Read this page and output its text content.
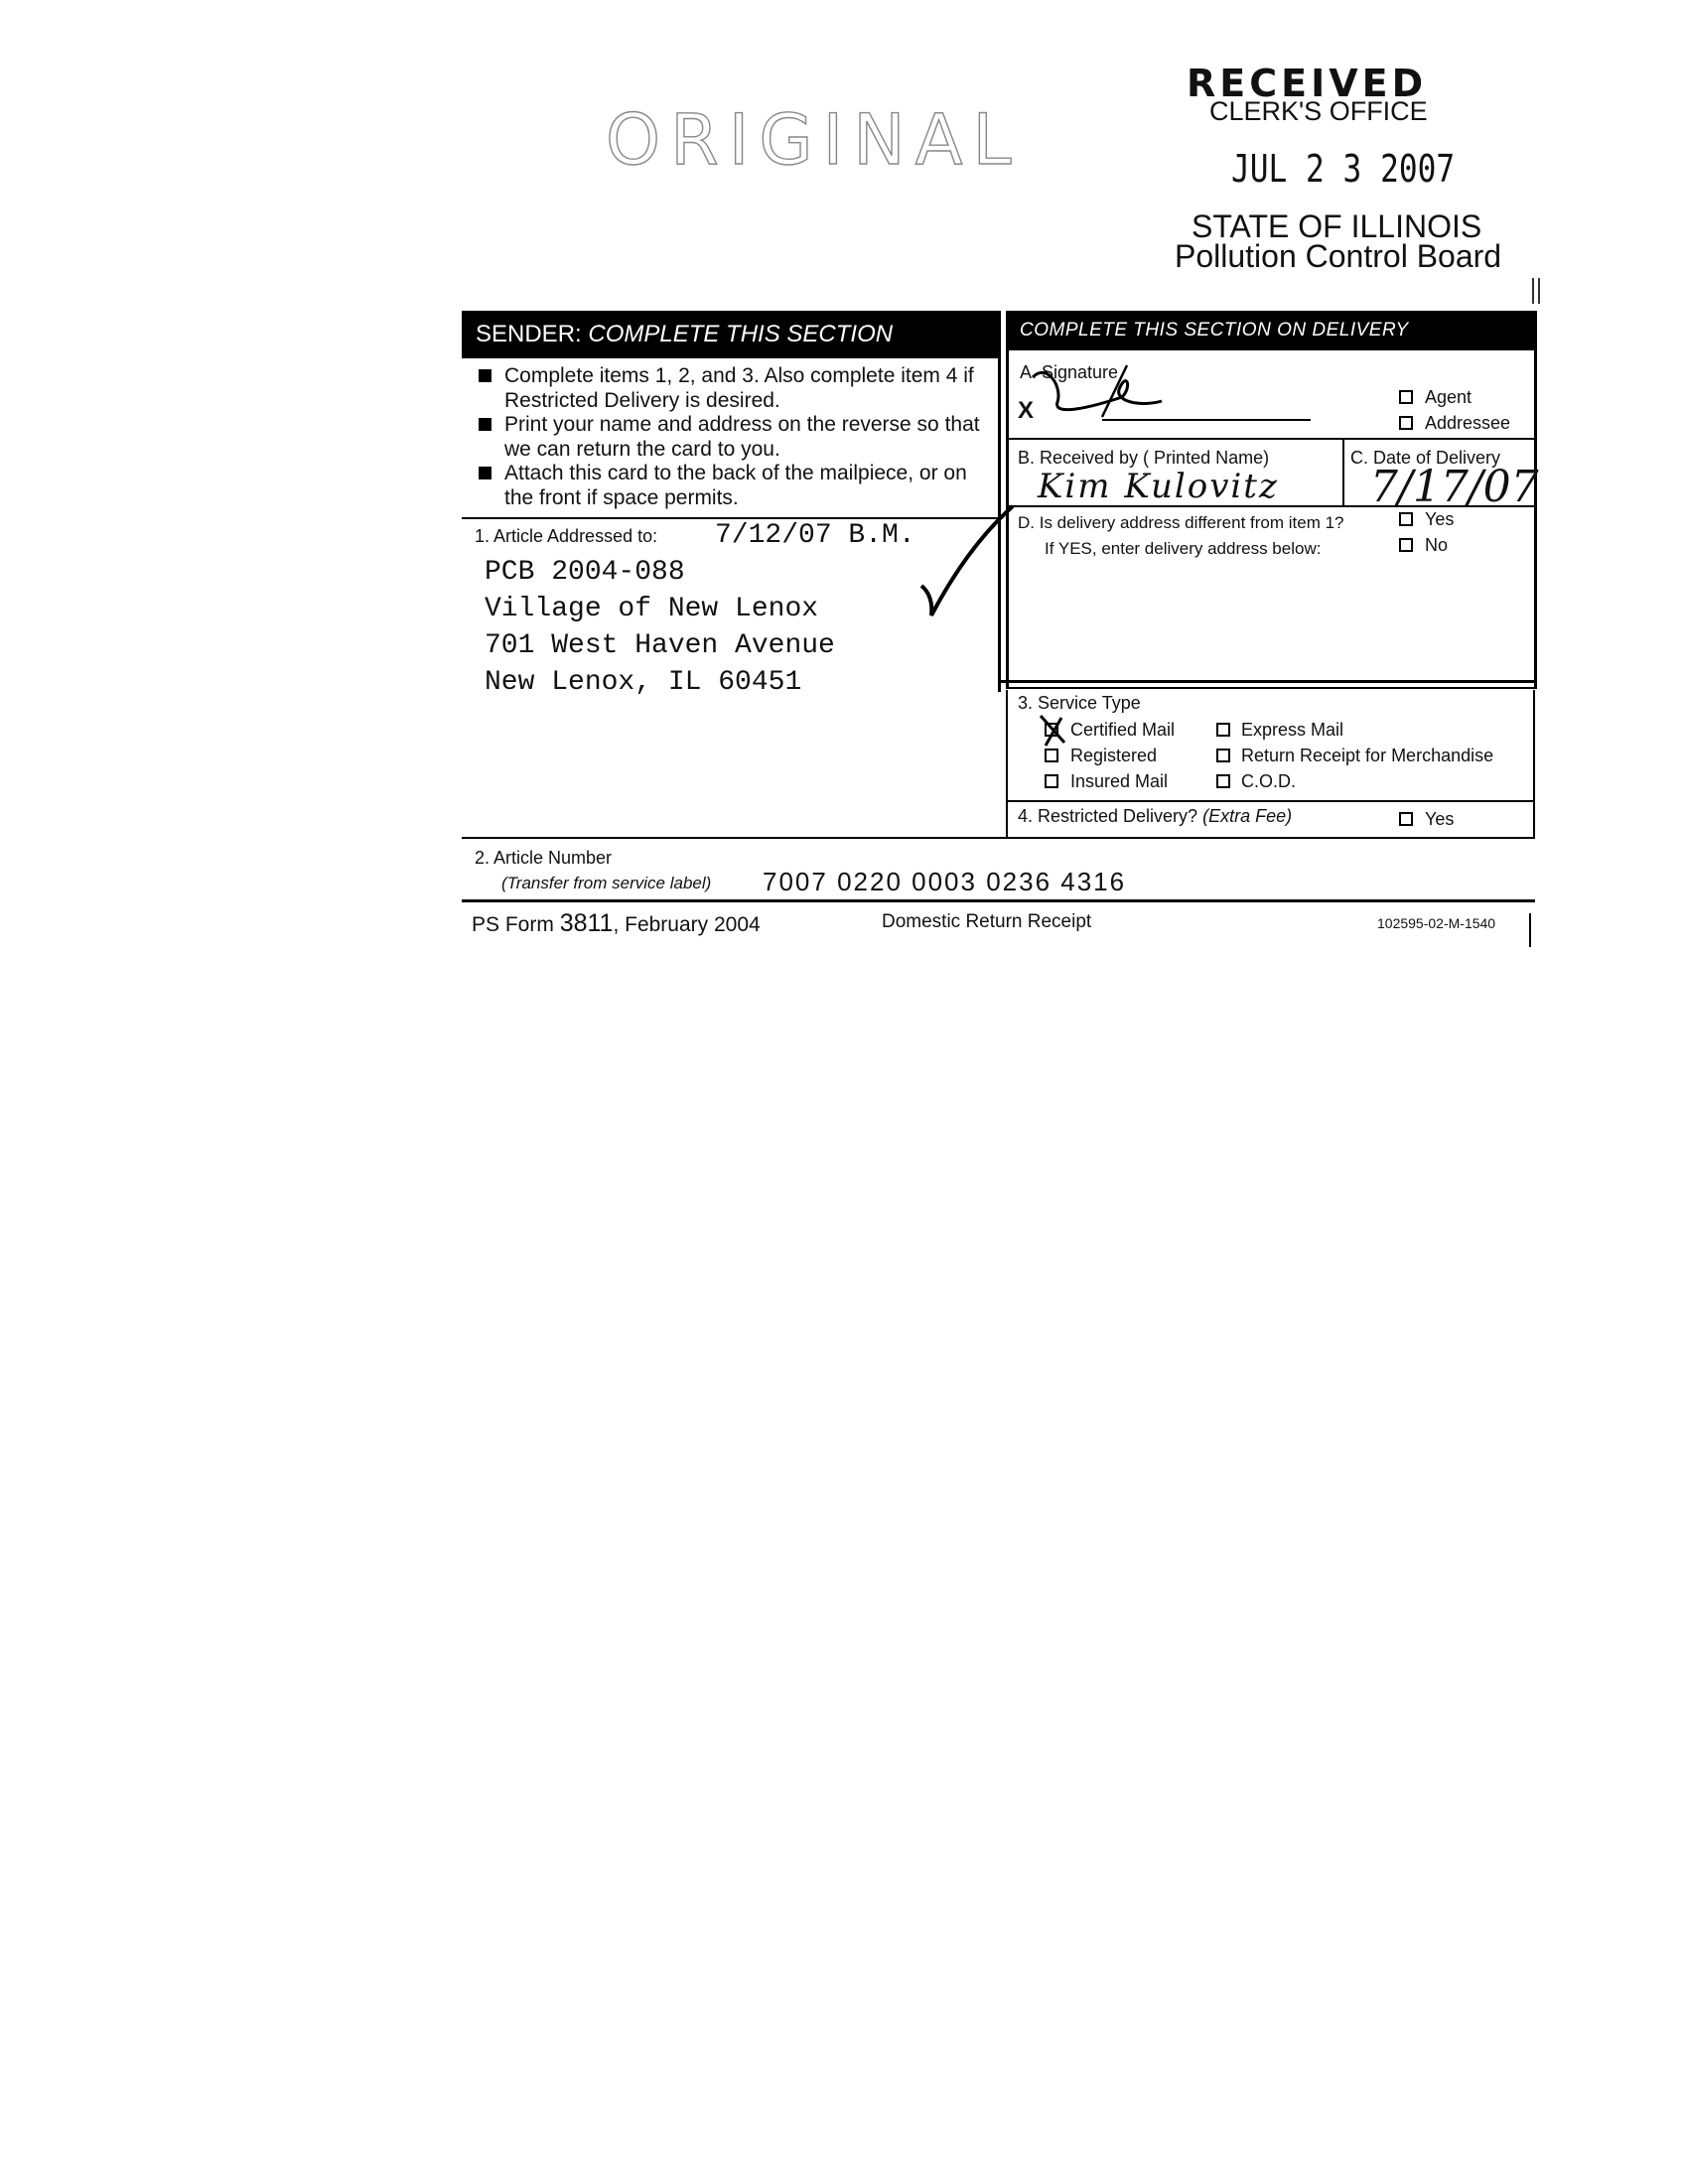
ORIGINAL
RECEIVED
CLERK'S OFFICE
JUL 2 3 2007
STATE OF ILLINOIS
Pollution Control Board
SENDER: COMPLETE THIS SECTION	COMPLETE THIS SECTION ON DELIVERY
Complete items 1, 2, and 3. Also complete item 4 if Restricted Delivery is desired.
Print your name and address on the reverse so that we can return the card to you.
Attach this card to the back of the mailpiece, or on the front if space permits.
1. Article Addressed to: 7/12/07 B.M.
PCB 2004-088
Village of New Lenox
701 West Haven Avenue
New Lenox, IL 60451
A. Signature
X	Agent
Addressee
B. Received by ( Printed Name)
Kim Kulovitz
C. Date of Delivery
7/17/07
D. Is delivery address different from item 1?
If YES, enter delivery address below:
Yes
No
3. Service Type
Certified Mail	Express Mail
Registered	Return Receipt for Merchandise
Insured Mail	C.O.D.
4. Restricted Delivery? (Extra Fee)	Yes
2. Article Number
(Transfer from service label) 7007 0220 0003 0236 4316
PS Form 3811, February 2004	Domestic Return Receipt	102595-02-M-1540
